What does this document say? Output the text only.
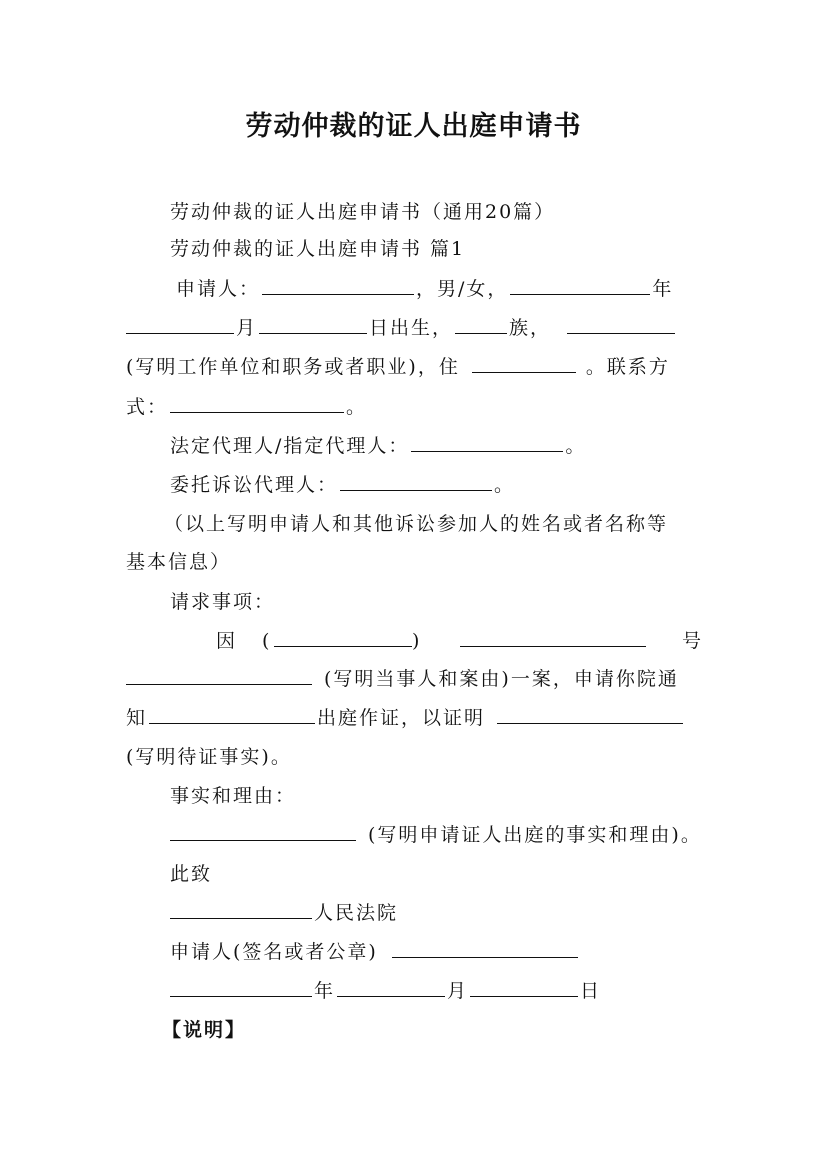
劳动仲裁的证人出庭申请书
劳动仲裁的证人出庭申请书（通用20篇）
劳动仲裁的证人出庭申请书 篇1
申请人：	，男/女，	年
月	日出生，	族，
(写明工作单位和职务或者职业)，住	。联系方
式：	。
法定代理人/指定代理人：	。
委托诉讼代理人：	。
（以上写明申请人和其他诉讼参加人的姓名或者名称等
基本信息）
请求事项：
因 (	)	号
(写明当事人和案由)一案，申请你院通
知	出庭作证，以证明
(写明待证事实)。
事实和理由：
(写明申请证人出庭的事实和理由)。
此致
人民法院
申请人(签名或者公章)
年	月	日
【说明】
